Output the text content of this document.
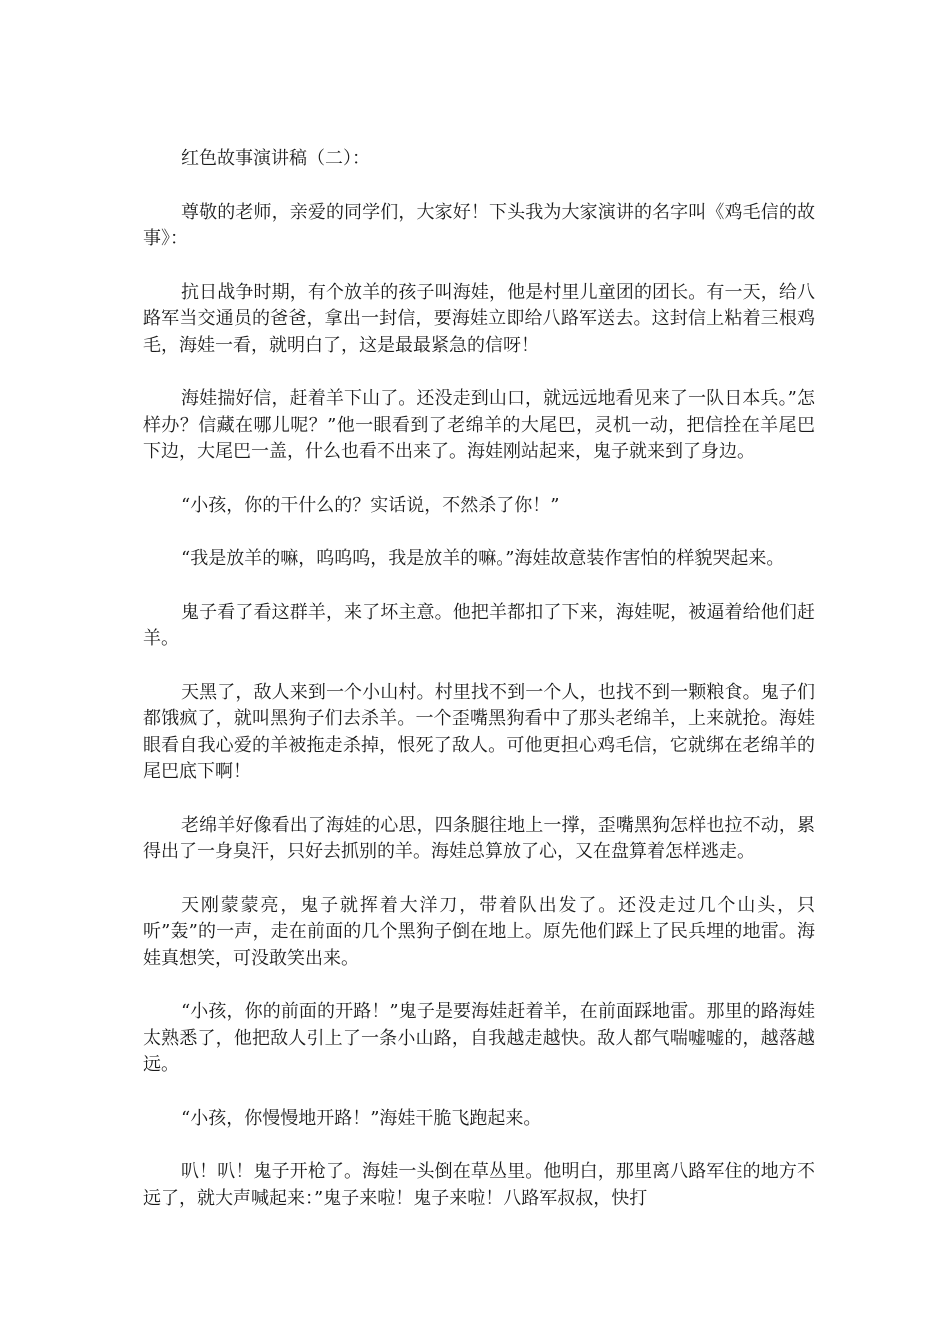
红色故事演讲稿（二）：

尊敬的老师，亲爱的同学们，大家好！下头我为大家演讲的名字叫《鸡毛信的故事》：

抗日战争时期，有个放羊的孩子叫海娃，他是村里儿童团的团长。有一天，给八路军当交通员的爸爸，拿出一封信，要海娃立即给八路军送去。这封信上粘着三根鸡毛，海娃一看，就明白了，这是最最紧急的信呀！

海娃揣好信，赶着羊下山了。还没走到山口，就远远地看见来了一队日本兵。”怎样办？信藏在哪儿呢？”他一眼看到了老绵羊的大尾巴，灵机一动，把信拴在羊尾巴下边，大尾巴一盖，什么也看不出来了。海娃刚站起来，鬼子就来到了身边。

“小孩，你的干什么的？实话说，不然杀了你！”

“我是放羊的嘛，呜呜呜，我是放羊的嘛。”海娃故意装作害怕的样貌哭起来。

鬼子看了看这群羊，来了坏主意。他把羊都扣了下来，海娃呢，被逼着给他们赶羊。

天黑了，敌人来到一个小山村。村里找不到一个人，也找不到一颗粮食。鬼子们都饿疯了，就叫黑狗子们去杀羊。一个歪嘴黑狗看中了那头老绵羊，上来就抢。海娃眼看自我心爱的羊被拖走杀掉，恨死了敌人。可他更担心鸡毛信，它就绑在老绵羊的尾巴底下啊！

老绵羊好像看出了海娃的心思，四条腿往地上一撑，歪嘴黑狗怎样也拉不动，累得出了一身臭汗，只好去抓别的羊。海娃总算放了心，又在盘算着怎样逃走。

天刚蒙蒙亮，鬼子就挥着大洋刀，带着队出发了。还没走过几个山头，只听”轰”的一声，走在前面的几个黑狗子倒在地上。原先他们踩上了民兵埋的地雷。海娃真想笑，可没敢笑出来。

“小孩，你的前面的开路！”鬼子是要海娃赶着羊，在前面踩地雷。那里的路海娃太熟悉了，他把敌人引上了一条小山路，自我越走越快。敌人都气喘嘘嘘的，越落越远。

“小孩，你慢慢地开路！”海娃干脆飞跑起来。

叭！叭！鬼子开枪了。海娃一头倒在草丛里。他明白，那里离八路军住的地方不远了，就大声喊起来：”鬼子来啦！鬼子来啦！八路军叔叔，快打
